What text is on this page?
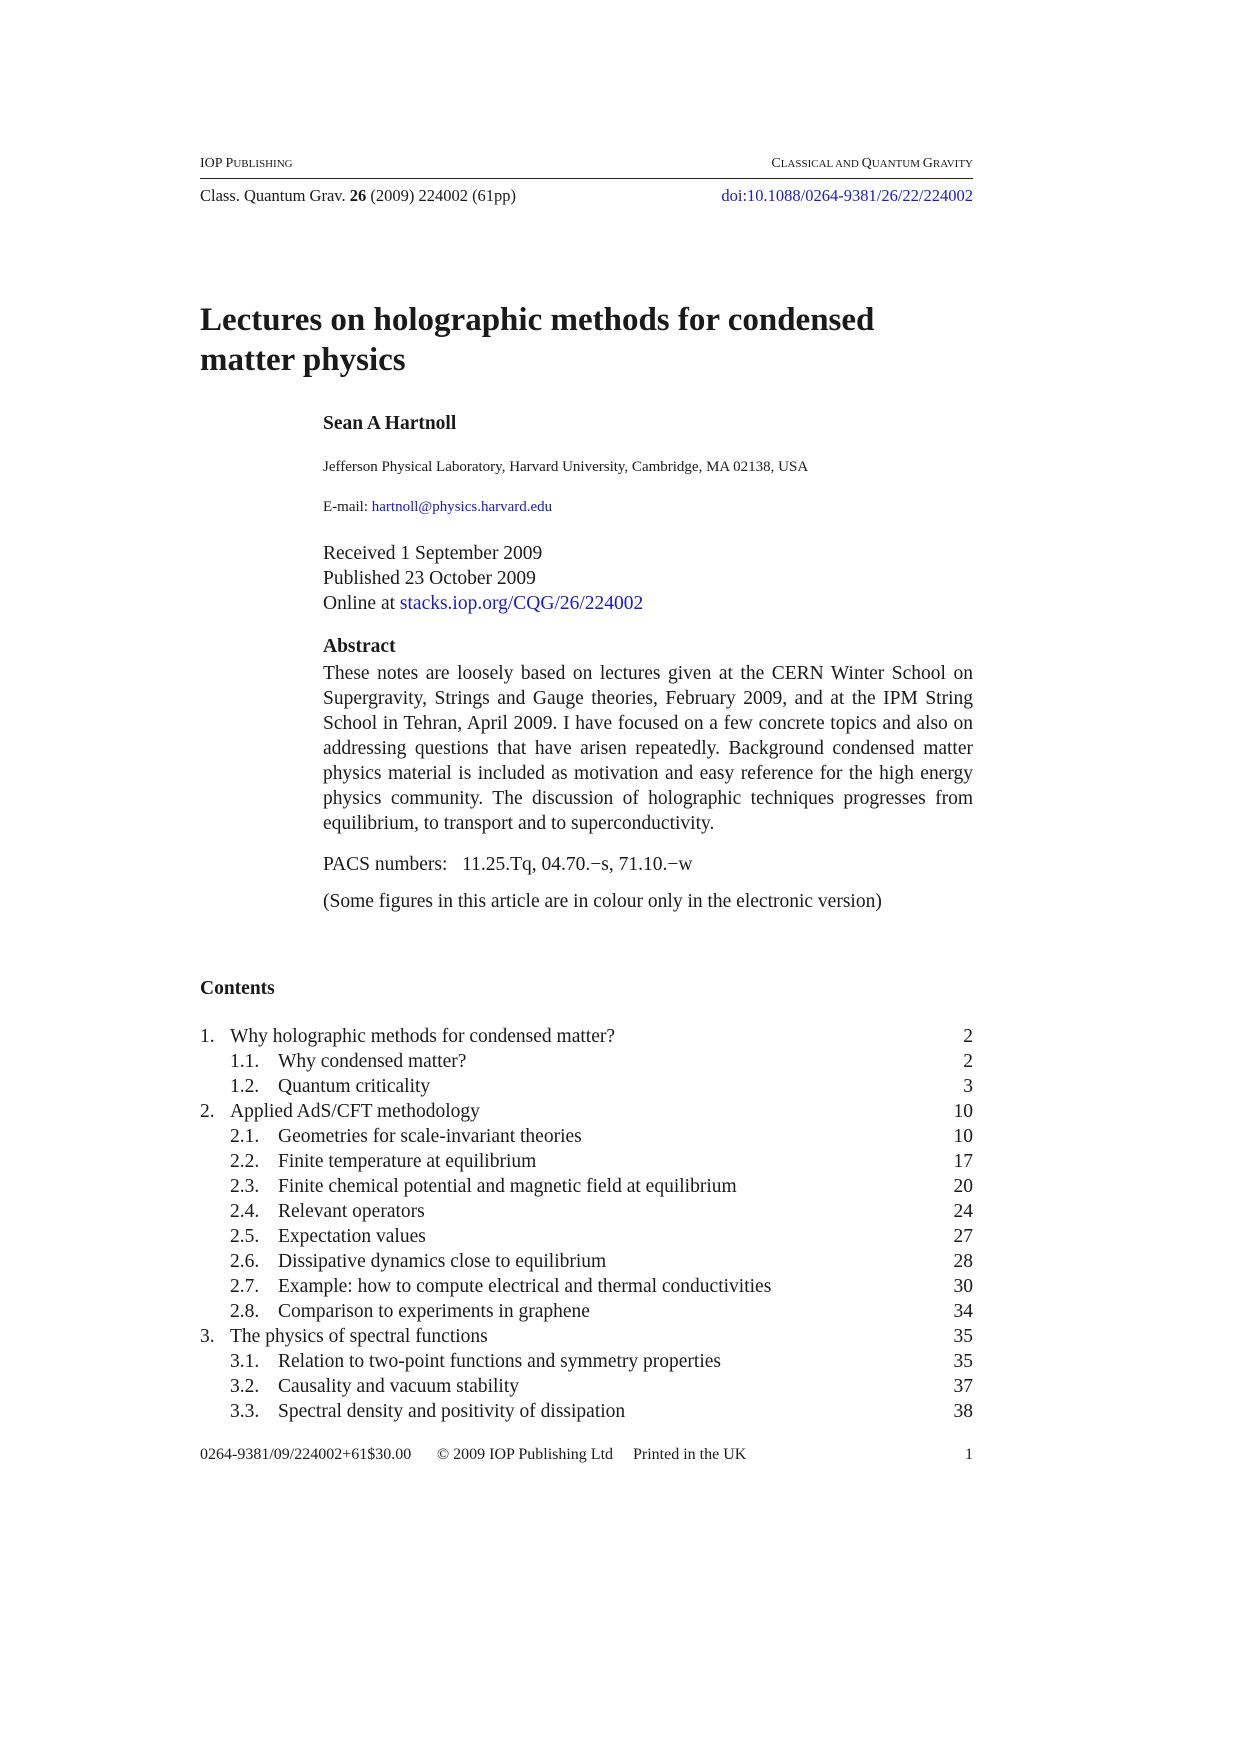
IOP PUBLISHING	CLASSICAL AND QUANTUM GRAVITY
Class. Quantum Grav. 26 (2009) 224002 (61pp)	doi:10.1088/0264-9381/26/22/224002
Lectures on holographic methods for condensed matter physics
Sean A Hartnoll
Jefferson Physical Laboratory, Harvard University, Cambridge, MA 02138, USA
E-mail: hartnoll@physics.harvard.edu
Received 1 September 2009
Published 23 October 2009
Online at stacks.iop.org/CQG/26/224002
Abstract

These notes are loosely based on lectures given at the CERN Winter School on Supergravity, Strings and Gauge theories, February 2009, and at the IPM String School in Tehran, April 2009. I have focused on a few concrete topics and also on addressing questions that have arisen repeatedly. Background condensed matter physics material is included as motivation and easy reference for the high energy physics community. The discussion of holographic techniques progresses from equilibrium, to transport and to superconductivity.

PACS numbers: 11.25.Tq, 04.70.−s, 71.10.−w
(Some figures in this article are in colour only in the electronic version)
Contents
1. Why holographic methods for condensed matter?	2
1.1. Why condensed matter?	2
1.2. Quantum criticality	3
2. Applied AdS/CFT methodology	10
2.1. Geometries for scale-invariant theories	10
2.2. Finite temperature at equilibrium	17
2.3. Finite chemical potential and magnetic field at equilibrium	20
2.4. Relevant operators	24
2.5. Expectation values	27
2.6. Dissipative dynamics close to equilibrium	28
2.7. Example: how to compute electrical and thermal conductivities	30
2.8. Comparison to experiments in graphene	34
3. The physics of spectral functions	35
3.1. Relation to two-point functions and symmetry properties	35
3.2. Causality and vacuum stability	37
3.3. Spectral density and positivity of dissipation	38
0264-9381/09/224002+61$30.00 © 2009 IOP Publishing Ltd Printed in the UK	1
